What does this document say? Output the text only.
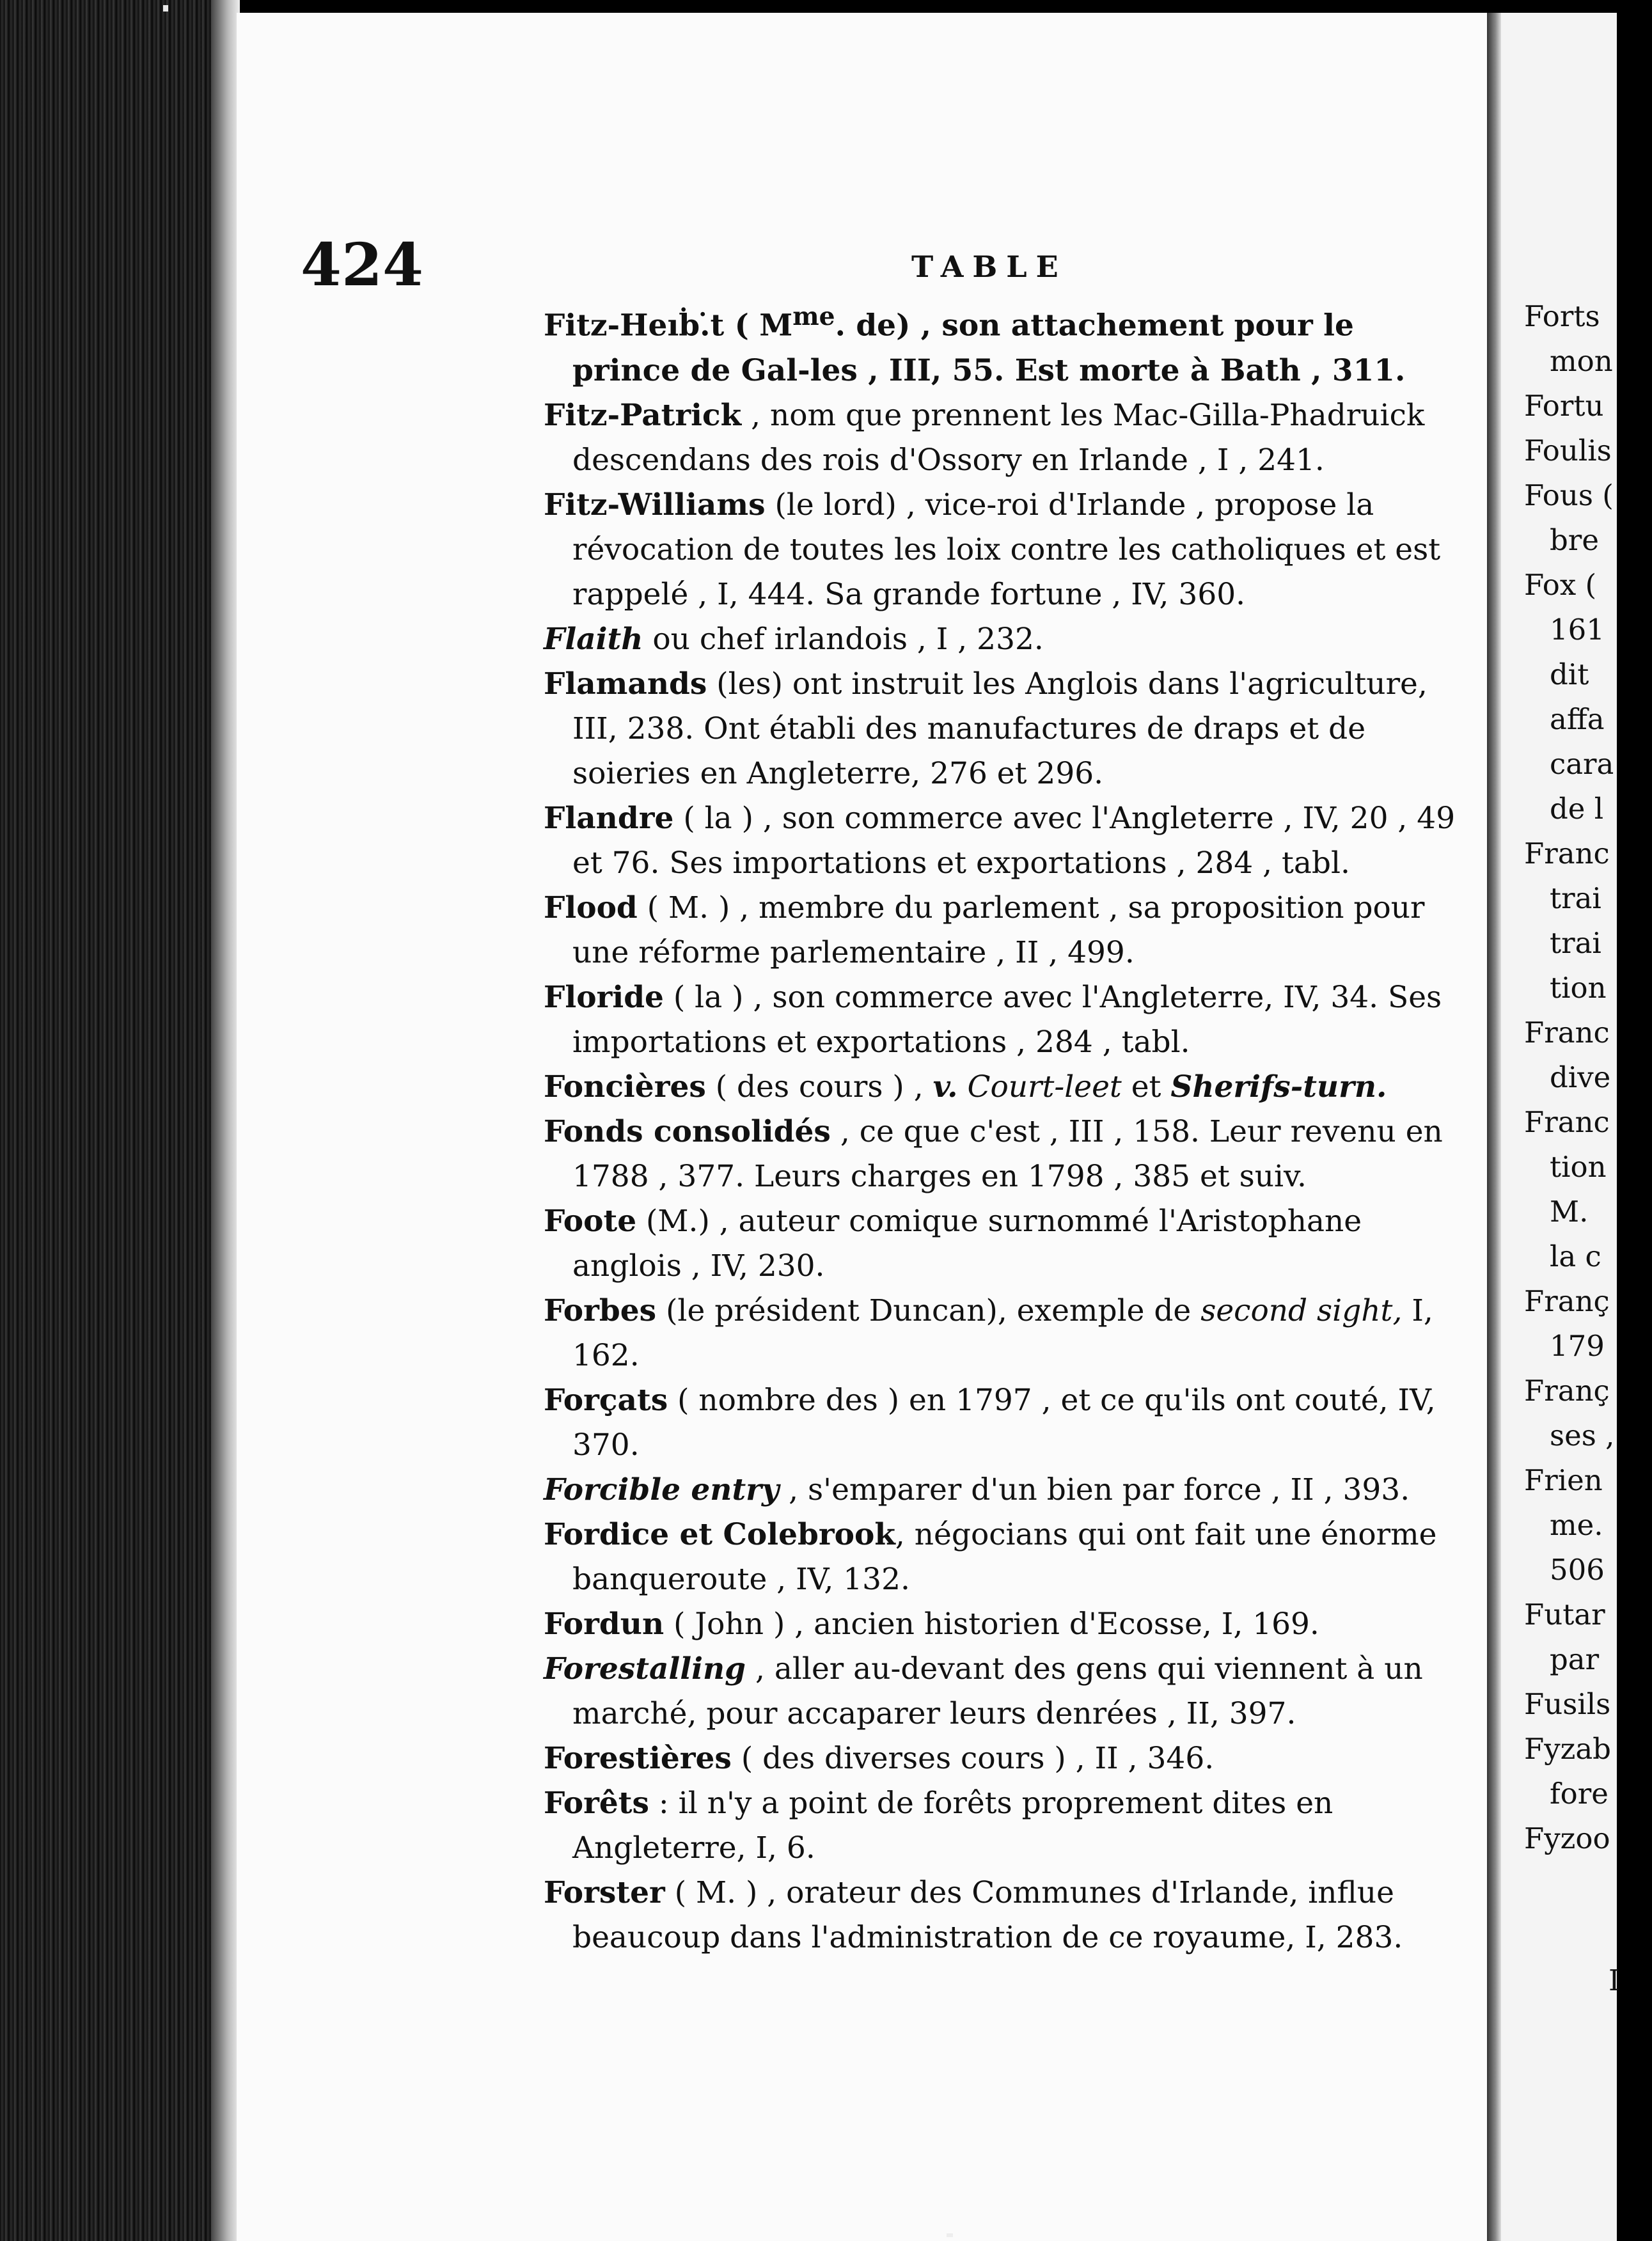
424	TABLE

Fitz-Heıḃ.̇t ( $M^{me}$. de) , son attachement pour le prince de Gal-les , III, 55. Est morte à Bath , 311.

Fitz-Patrick , nom que prennent les Mac-Gilla-Phadruick descendans des rois d'Ossory en Irlande , I , 241.

Fitz-Williams (le lord) , vice-roi d'Irlande , propose la révocation de toutes les loix contre les catholiques et est rappelé , I, 444. Sa grande fortune , IV, 360.

Flaith ou chef irlandois , I , 232.

Flamands (les) ont instruit les Anglois dans l'agriculture, III, 238. Ont établi des manufactures de draps et de soieries en Angleterre, 276 et 296.

Flandre ( la ) , son commerce avec l'Angleterre , IV, 20 , 49 et 76. Ses importations et exportations , 284 , tabl.

Flood ( M. ) , membre du parlement , sa proposition pour une réforme parlementaire , II , 499.

Floride ( la ) , son commerce avec l'Angleterre, IV, 34. Ses importations et exportations , 284 , tabl.

Foncières ( des cours ) , v. Court-leet et Sherifs-turn.

Fonds consolidés , ce que c'est , III , 158. Leur revenu en 1788 , 377. Leurs charges en 1798 , 385 et suiv.

Foote (M.) , auteur comique surnommé l'Aristophane anglois , IV, 230.

Forbes (le président Duncan), exemple de second sight, I, 162.

Forçats ( nombre des ) en 1797 , et ce qu'ils ont couté, IV, 370.

Forcible entry , s'emparer d'un bien par force , II , 393.

Fordice et Colebrook, négocians qui ont fait une énorme banqueroute , IV, 132.

Fordun ( John ) , ancien historien d'Ecosse, I, 169.

Forestalling , aller au-devant des gens qui viennent à un marché, pour accaparer leurs denrées , II, 397.

Forestières ( des diverses cours ) , II , 346.

Forêts : il n'y a point de forêts proprement dites en Angleterre, I, 6.

Forster ( M. ) , orateur des Communes d'Irlande, influe beaucoup dans l'administration de ce royaume, I, 283.

Forts
mon
Fortu
Foulis
Fous (
bre
Fox (
161
dit
affa
cara
de l
Franc
trai
trai
tion
Franc
dive
Franc
tion
M.
la c
Franç
179
Franç
ses ,
Frien
me.
506
Futar
par
Fusils
Fyzab
fore
Fyzoo
I
